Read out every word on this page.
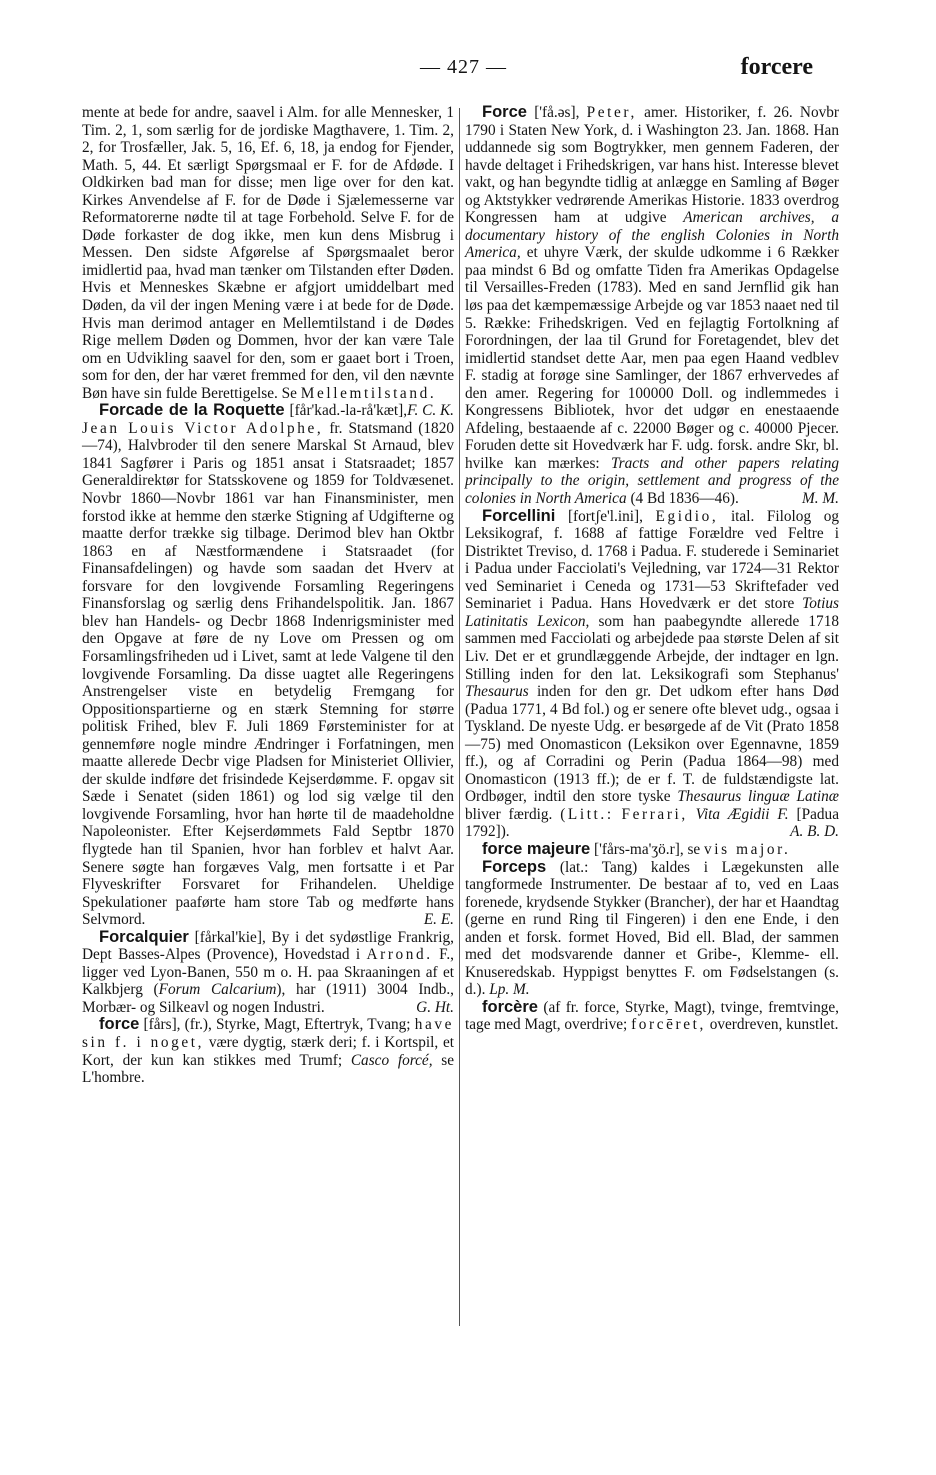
— 427 —	forcere

mente at bede for andre, saavel i Alm. for alle Mennesker, 1 Tim. 2, 1, som særlig for de jordiske Magthavere, 1. Tim. 2, 2, for Trosfæller, Jak. 5, 16, Ef. 6, 18, ja endog for Fjender, Math. 5, 44. Et særligt Spørgsmaal er F. for de Afdøde. I Oldkirken bad man for disse; men lige over for den kat. Kirkes Anvendelse af F. for de Døde i Sjælemesserne var Reformatorerne nødte til at tage Forbehold. Selve F. for de Døde forkaster de dog ikke, men kun dens Misbrug i Messen. Den sidste Afgørelse af Spørgsmaalet beror imidlertid paa, hvad man tænker om Tilstanden efter Døden. Hvis et Menneskes Skæbne er afgjort umiddelbart med Døden, da vil der ingen Mening være i at bede for de Døde. Hvis man derimod antager en Mellemtilstand i de Dødes Rige mellem Døden og Dommen, hvor der kan være Tale om en Udvikling saavel for den, som er gaaet bort i Troen, som for den, der har været fremmed for den, vil den nævnte Bøn have sin fulde Berettigelse. Se Mellemtilstand.
F. C. K.

Forcade de la Roquette [får'kad.-la-rå'kæt], Jean Louis Victor Adolphe, fr. Statsmand (1820—74), Halvbroder til den senere Marskal St Arnaud, blev 1841 Sagfører i Paris og 1851 ansat i Statsraadet; 1857 Generaldirektør for Statsskovene og 1859 for Toldvæsenet. Novbr 1860—Novbr 1861 var han Finansminister, men forstod ikke at hemme den stærke Stigning af Udgifterne og maatte derfor trække sig tilbage. Derimod blev han Oktbr 1863 en af Næstformændene i Statsraadet (for Finansafdelingen) og havde som saadan det Hverv at forsvare for den lovgivende Forsamling Regeringens Finansforslag og særlig dens Frihandelspolitik. Jan. 1867 blev han Handels- og Decbr 1868 Indenrigsminister med den Opgave at føre de ny Love om Pressen og om Forsamlingsfriheden ud i Livet, samt at lede Valgene til den lovgivende Forsamling. Da disse uagtet alle Regeringens Anstrengelser viste en betydelig Fremgang for Oppositionspartierne og en stærk Stemning for større politisk Frihed, blev F. Juli 1869 Førsteminister for at gennemføre nogle mindre Ændringer i Forfatningen, men maatte allerede Decbr vige Pladsen for Ministeriet Ollivier, der skulde indføre det frisindede Kejserdømme. F. opgav sit Sæde i Senatet (siden 1861) og lod sig vælge til den lovgivende Forsamling, hvor han hørte til de maadeholdne Napoleonister. Efter Kejserdømmets Fald Septbr 1870 flygtede han til Spanien, hvor han forblev et halvt Aar. Senere søgte han forgæves Valg, men fortsatte i et Par Flyveskrifter Forsvaret for Frihandelen. Uheldige Spekulationer paaførte ham store Tab og medførte hans Selvmord.	E. E.

Forcalquier [fårkal'kie], By i det sydøstlige Frankrig, Dept Basses-Alpes (Provence), Hovedstad i Arrond. F., ligger ved Lyon-Banen, 550 m o. H. paa Skraaningen af et Kalkbjerg (Forum Calcarium), har (1911) 3004 Indb., Morbær- og Silkeavl og nogen Industri.	G. Ht.

force [fårs], (fr.), Styrke, Magt, Eftertryk, Tvang; have sin f. i noget, være dygtig, stærk deri; f. i Kortspil, et Kort, der kun kan stikkes med Trumf; Casco forcé, se L'hombre.

Force ['få.əs], Peter, amer. Historiker, f. 26. Novbr 1790 i Staten New York, d. i Washington 23. Jan. 1868. Han uddannede sig som Bogtrykker, men gennem Faderen, der havde deltaget i Frihedskrigen, var hans hist. Interesse blevet vakt, og han begyndte tidlig at anlægge en Samling af Bøger og Aktstykker vedrørende Amerikas Historie. 1833 overdrog Kongressen ham at udgive American archives, a documentary history of the english Colonies in North America, et uhyre Værk, der skulde udkomme i 6 Rækker paa mindst 6 Bd og omfatte Tiden fra Amerikas Opdagelse til Versailles-Freden (1783). Med en sand Jernflid gik han løs paa det kæmpemæssige Arbejde og var 1853 naaet ned til 5. Række: Frihedskrigen. Ved en fejlagtig Fortolkning af Forordningen, der laa til Grund for Foretagendet, blev det imidlertid standset dette Aar, men paa egen Haand vedblev F. stadig at forøge sine Samlinger, der 1867 erhvervedes af den amer. Regering for 100000 Doll. og indlemmedes i Kongressens Bibliotek, hvor det udgør en enestaaende Afdeling, bestaaende af c. 22000 Bøger og c. 40000 Pjecer. Foruden dette sit Hovedværk har F. udg. forsk. andre Skr, bl. hvilke kan mærkes: Tracts and other papers relating principally to the origin, settlement and progress of the colonies in North America (4 Bd 1836—46).	M. M.

Forcellini [fortʃe'l.ini], Egidio, ital. Filolog og Leksikograf, f. 1688 af fattige Forældre ved Feltre i Distriktet Treviso, d. 1768 i Padua. F. studerede i Seminariet i Padua under Facciolati's Vejledning, var 1724—31 Rektor ved Seminariet i Ceneda og 1731—53 Skriftefader ved Seminariet i Padua. Hans Hovedværk er det store Totius Latinitatis Lexicon, som han paabegyndte allerede 1718 sammen med Facciolati og arbejdede paa største Delen af sit Liv. Det er et grundlæggende Arbejde, der indtager en lgn. Stilling inden for den lat. Leksikografi som Stephanus' Thesaurus inden for den gr. Det udkom efter hans Død (Padua 1771, 4 Bd fol.) og er senere ofte blevet udg., ogsaa i Tyskland. De nyeste Udg. er besørgede af de Vit (Prato 1858—75) med Onomasticon (Leksikon over Egennavne, 1859 ff.), og af Corradini og Perin (Padua 1864—98) med Onomasticon (1913 ff.); de er f. T. de fuldstændigste lat. Ordbøger, indtil den store tyske Thesaurus linguæ Latinæ bliver færdig. (Litt.: Ferrari, Vita Ægidii F. [Padua 1792]).	A. B. D.

force majeure ['fårs-ma'ʒö.r], se vis major.

Forceps (lat.: Tang) kaldes i Lægekunsten alle tangformede Instrumenter. De bestaar af to, ved en Laas forenede, krydsende Stykker (Brancher), der har et Haandtag (gerne en rund Ring til Fingeren) i den ene Ende, i den anden et forsk. formet Hoved, Bid ell. Blad, der sammen med det modsvarende danner et Gribe-, Klemme- ell. Knuseredskab. Hyppigst benyttes F. om Fødselstangen (s. d.). Lp. M.

forcère (af fr. force, Styrke, Magt), tvinge, fremtvinge, tage med Magt, overdrive; forcēret, overdreven, kunstlet.
